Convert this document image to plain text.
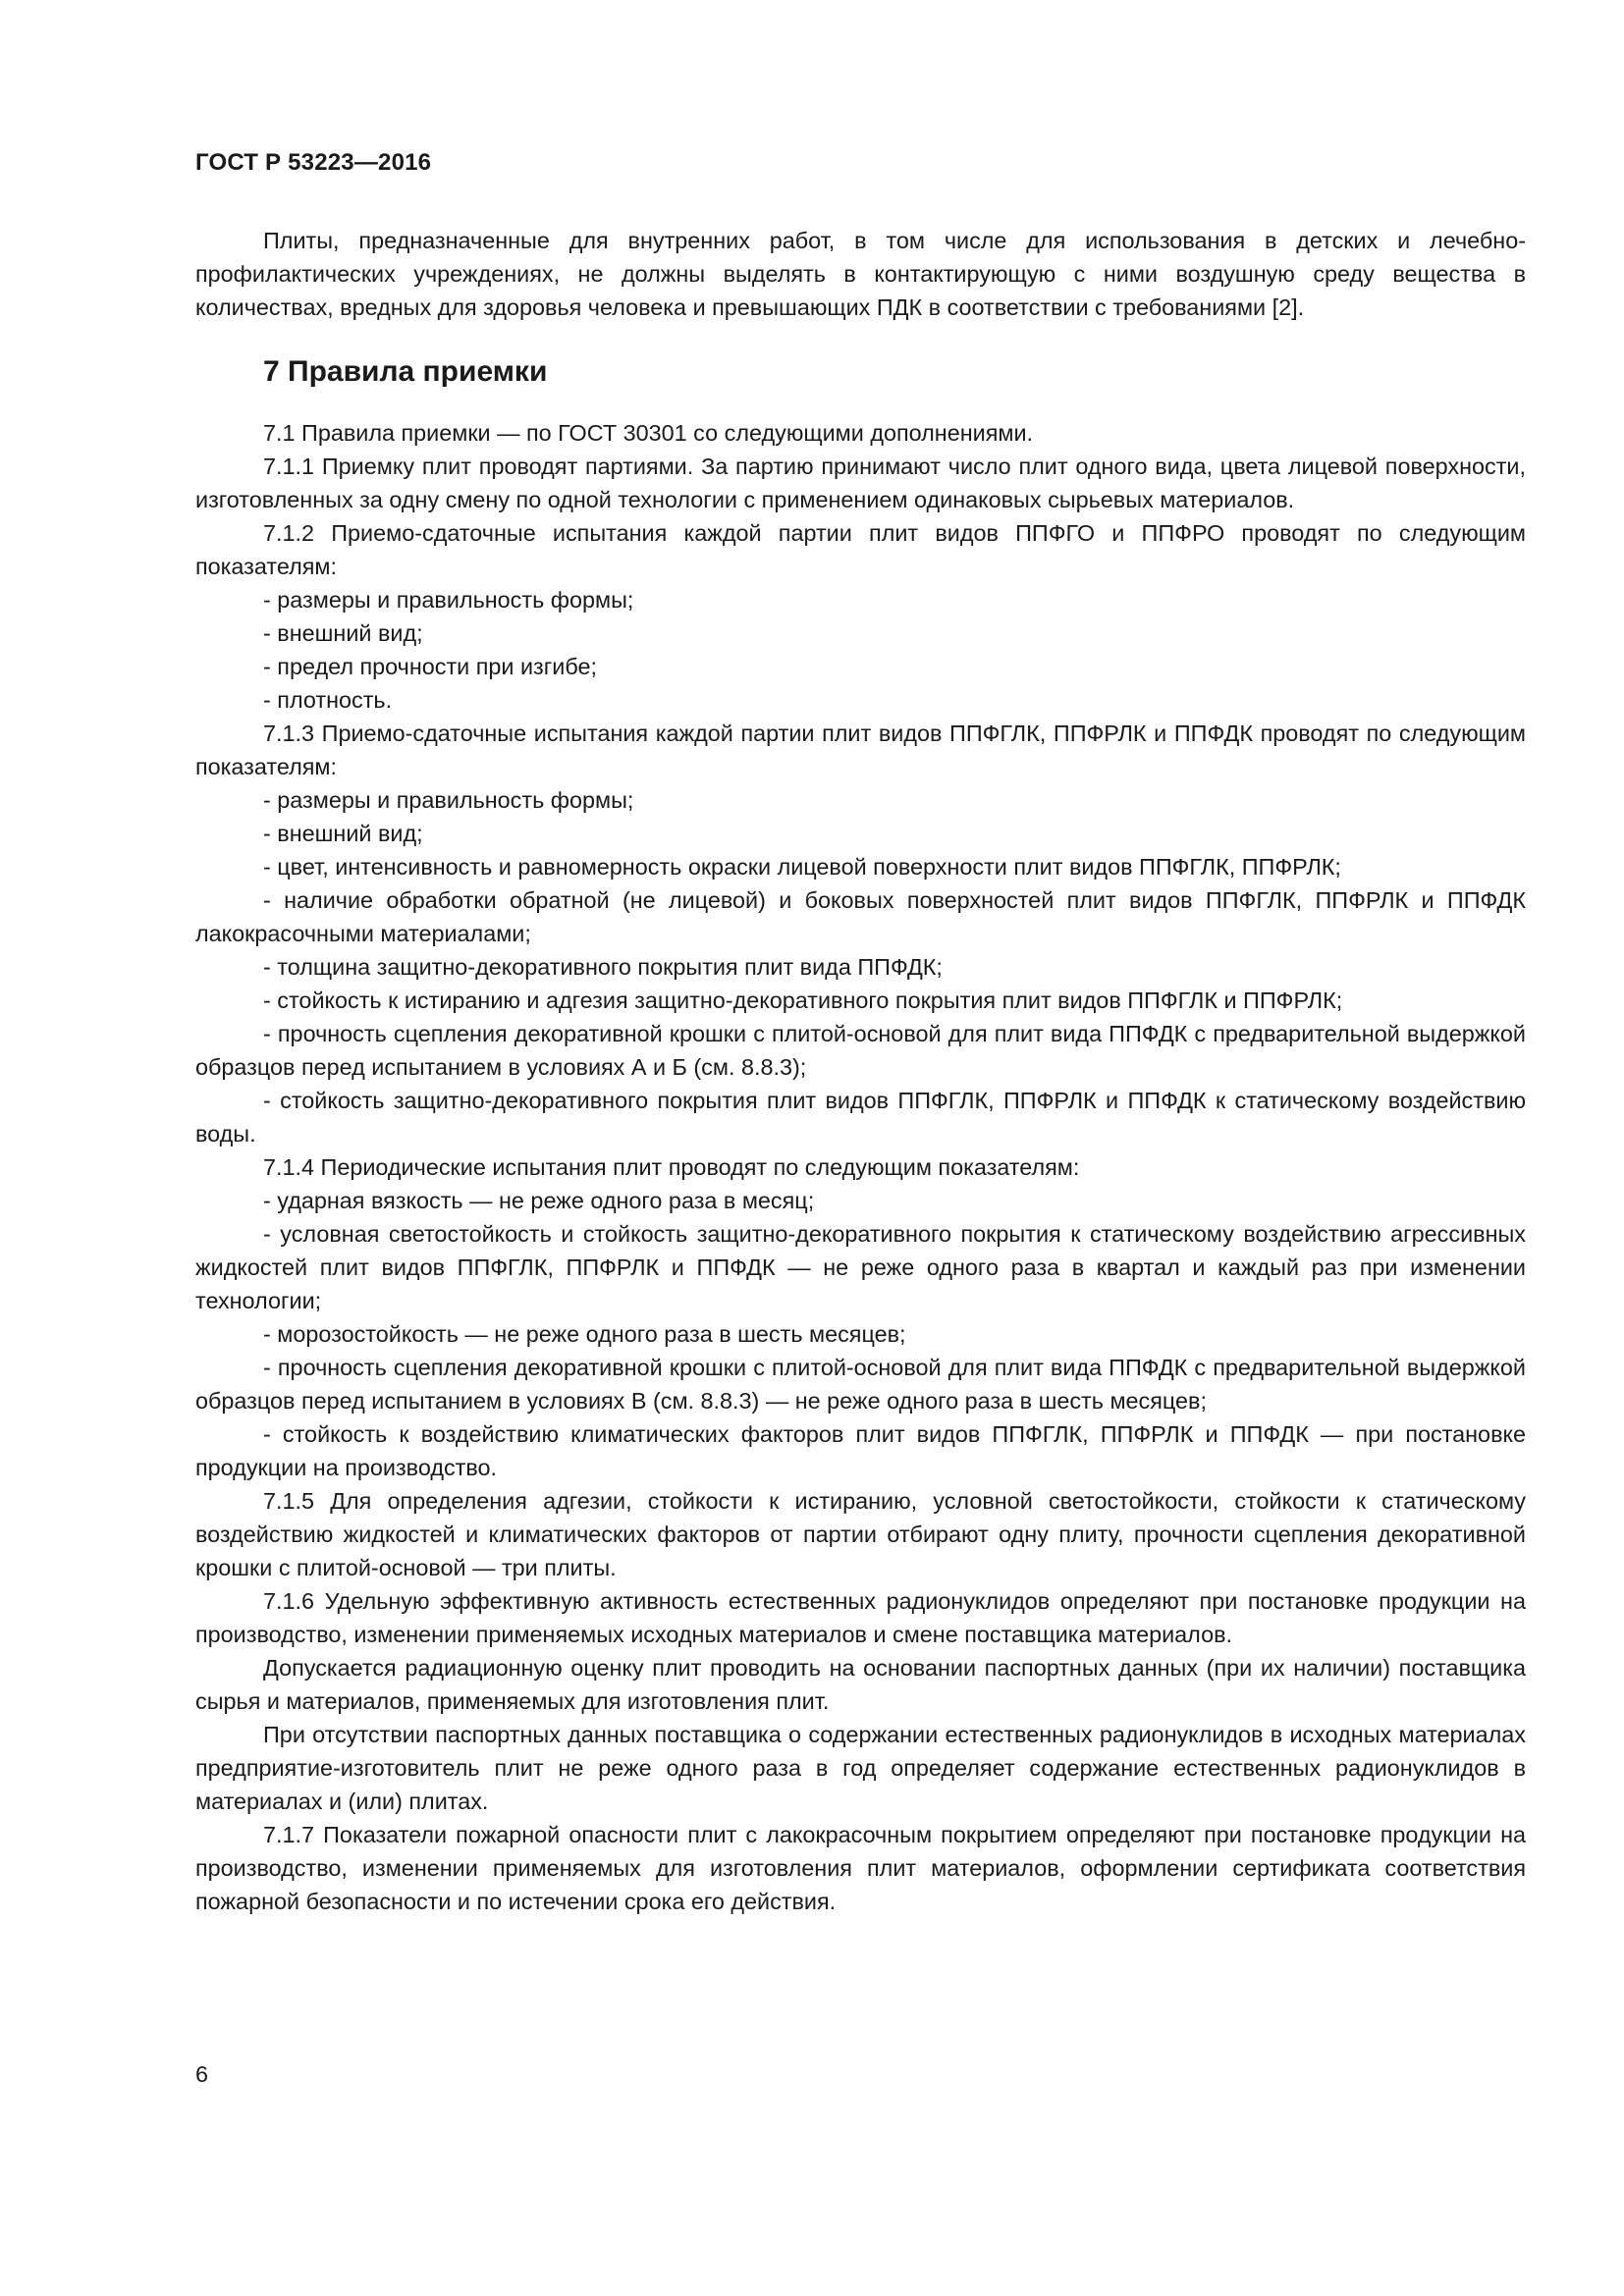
ГОСТ Р 53223—2016

Плиты, предназначенные для внутренних работ, в том числе для использования в детских и лечебно-профилактических учреждениях, не должны выделять в контактирующую с ними воздушную среду вещества в количествах, вредных для здоровья человека и превышающих ПДК в соответствии с требованиями [2].

7 Правила приемки

7.1 Правила приемки — по ГОСТ 30301 со следующими дополнениями.

7.1.1 Приемку плит проводят партиями. За партию принимают число плит одного вида, цвета лицевой поверхности, изготовленных за одну смену по одной технологии с применением одинаковых сырьевых материалов.

7.1.2 Приемо-сдаточные испытания каждой партии плит видов ППФГО и ППФРО проводят по следующим показателям:

- размеры и правильность формы;

- внешний вид;

- предел прочности при изгибе;

- плотность.

7.1.3 Приемо-сдаточные испытания каждой партии плит видов ППФГЛК, ППФРЛК и ППФДК проводят по следующим показателям:

- размеры и правильность формы;

- внешний вид;

- цвет, интенсивность и равномерность окраски лицевой поверхности плит видов ППФГЛК, ППФРЛК;

- наличие обработки обратной (не лицевой) и боковых поверхностей плит видов ППФГЛК, ППФРЛК и ППФДК лакокрасочными материалами;

- толщина защитно-декоративного покрытия плит вида ППФДК;

- стойкость к истиранию и адгезия защитно-декоративного покрытия плит видов ППФГЛК и ППФРЛК;

- прочность сцепления декоративной крошки с плитой-основой для плит вида ППФДК с предварительной выдержкой образцов перед испытанием в условиях А и Б (см. 8.8.3);

- стойкость защитно-декоративного покрытия плит видов ППФГЛК, ППФРЛК и ППФДК к статическому воздействию воды.

7.1.4 Периодические испытания плит проводят по следующим показателям:

- ударная вязкость — не реже одного раза в месяц;

- условная светостойкость и стойкость защитно-декоративного покрытия к статическому воздействию агрессивных жидкостей плит видов ППФГЛК, ППФРЛК и ППФДК — не реже одного раза в квартал и каждый раз при изменении технологии;

- морозостойкость — не реже одного раза в шесть месяцев;

- прочность сцепления декоративной крошки с плитой-основой для плит вида ППФДК с предварительной выдержкой образцов перед испытанием в условиях В (см. 8.8.3) — не реже одного раза в шесть месяцев;

- стойкость к воздействию климатических факторов плит видов ППФГЛК, ППФРЛК и ППФДК — при постановке продукции на производство.

7.1.5 Для определения адгезии, стойкости к истиранию, условной светостойкости, стойкости к статическому воздействию жидкостей и климатических факторов от партии отбирают одну плиту, прочности сцепления декоративной крошки с плитой-основой — три плиты.

7.1.6 Удельную эффективную активность естественных радионуклидов определяют при постановке продукции на производство, изменении применяемых исходных материалов и смене поставщика материалов.

Допускается радиационную оценку плит проводить на основании паспортных данных (при их наличии) поставщика сырья и материалов, применяемых для изготовления плит.

При отсутствии паспортных данных поставщика о содержании естественных радионуклидов в исходных материалах предприятие-изготовитель плит не реже одного раза в год определяет содержание естественных радионуклидов в материалах и (или) плитах.

7.1.7 Показатели пожарной опасности плит с лакокрасочным покрытием определяют при постановке продукции на производство, изменении применяемых для изготовления плит материалов, оформлении сертификата соответствия пожарной безопасности и по истечении срока его действия.

6
